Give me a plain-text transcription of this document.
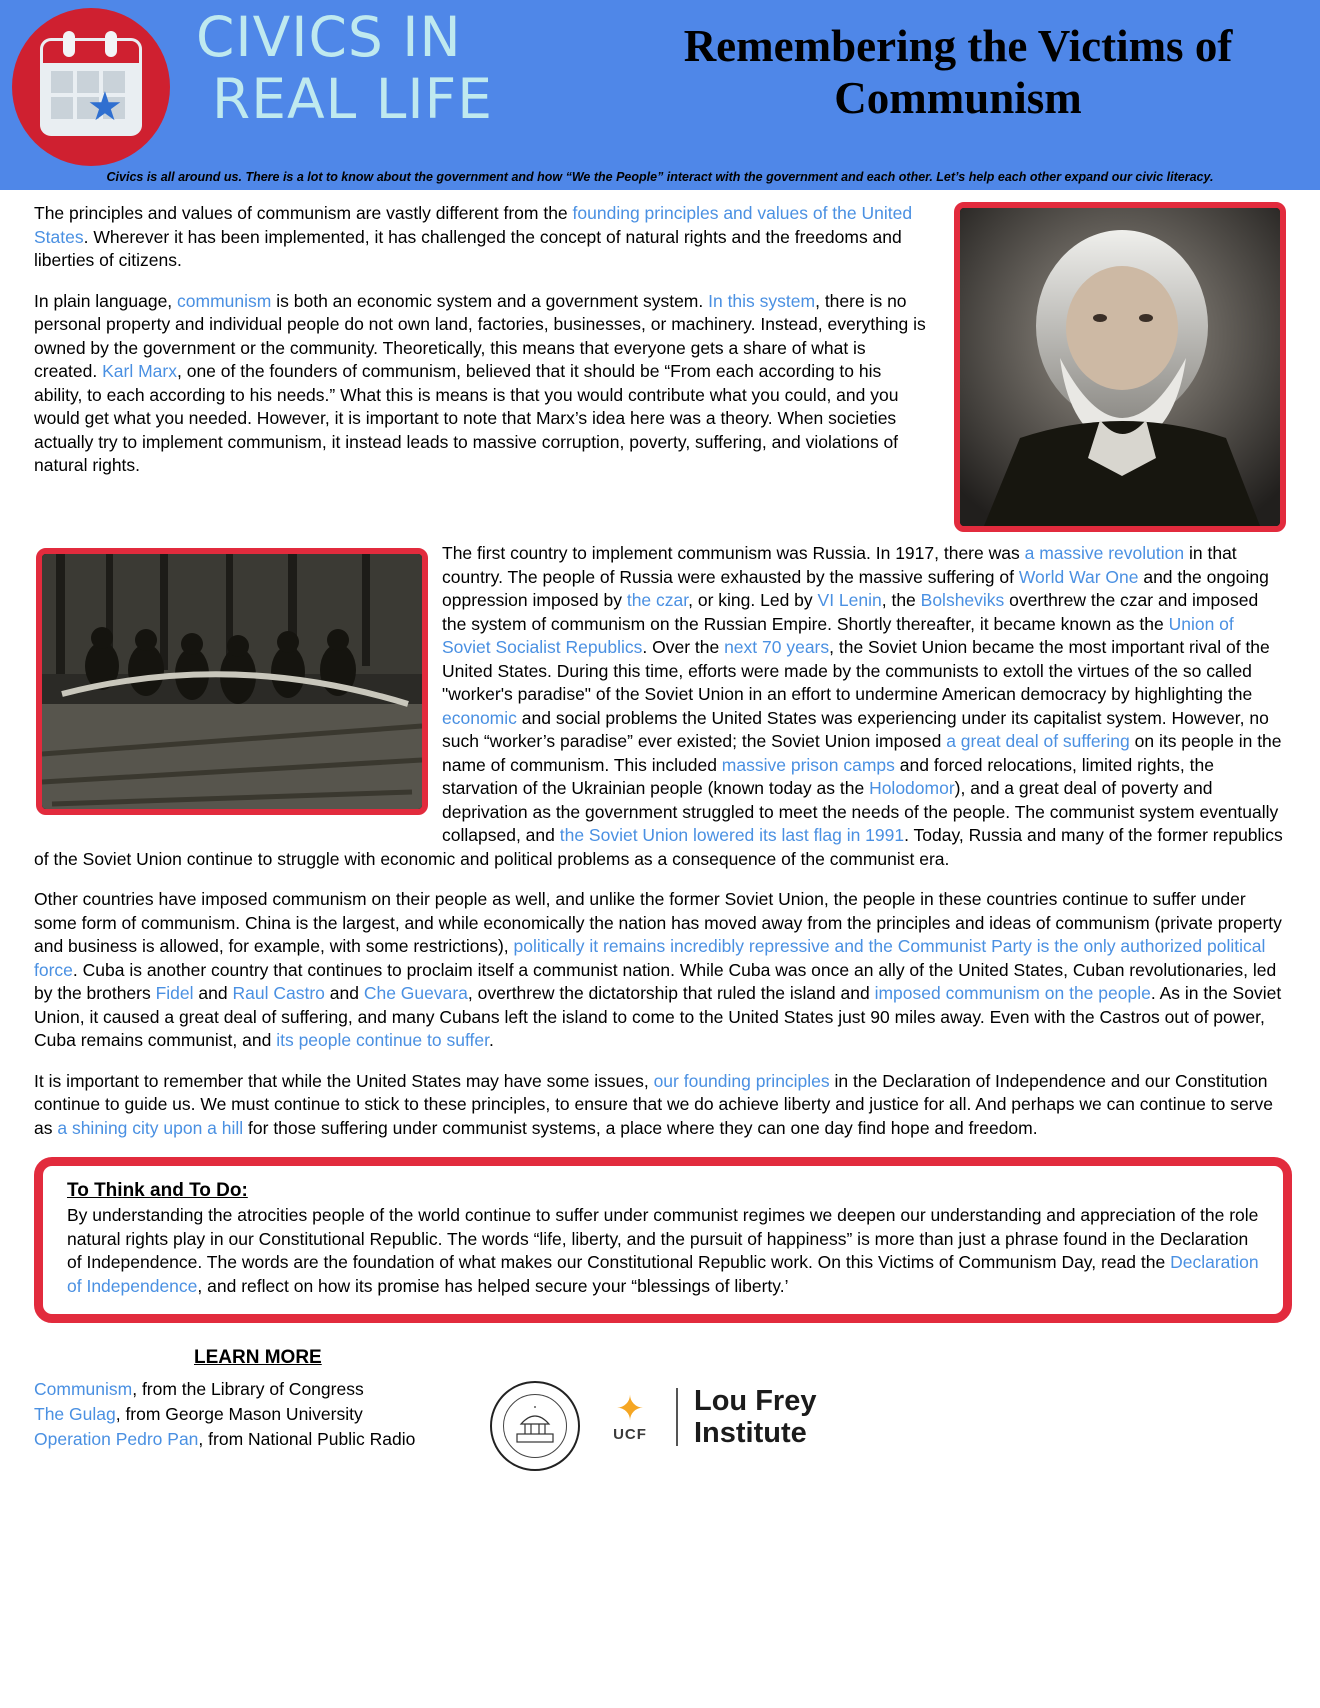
★
CIVICS IN
REAL LIFE
Remembering the Victims of Communism
Civics is all around us. There is a lot to know about the government and how “We the People” interact with the government and each other. Let’s help each other expand our civic literacy.

The principles and values of communism are vastly different from the founding principles and values of the United States. Wherever it has been implemented, it has challenged the concept of natural rights and the freedoms and liberties of citizens.

In plain language, communism is both an economic system and a government system. In this system, there is no personal property and individual people do not own land, factories, businesses, or machinery. Instead, everything is owned by the government or the community. Theoretically, this means that everyone gets a share of what is created. Karl Marx, one of the founders of communism, believed that it should be “From each according to his ability, to each according to his needs.” What this is means is that you would contribute what you could, and you would get what you needed. However, it is important to note that Marx’s idea here was a theory. When societies actually try to implement communism, it instead leads to massive corruption, poverty, suffering, and violations of natural rights.

The first country to implement communism was Russia. In 1917, there was a massive revolution in that country. The people of Russia were exhausted by the massive suffering of World War One and the ongoing oppression imposed by the czar, or king. Led by VI Lenin, the Bolsheviks overthrew the czar and imposed the system of communism on the Russian Empire. Shortly thereafter, it became known as the Union of Soviet Socialist Republics. Over the next 70 years, the Soviet Union became the most important rival of the United States. During this time, efforts were made by the communists to extoll the virtues of the so called "worker's paradise" of the Soviet Union in an effort to undermine American democracy by highlighting the economic and social problems the United States was experiencing under its capitalist system. However, no such “worker’s paradise” ever existed; the Soviet Union imposed a great deal of suffering on its people in the name of communism. This included massive prison camps and forced relocations, limited rights, the starvation of the Ukrainian people (known today as the Holodomor), and a great deal of poverty and deprivation as the government struggled to meet the needs of the people. The communist system eventually collapsed, and the Soviet Union lowered its last flag in 1991. Today, Russia and many of the former republics of the Soviet Union continue to struggle with economic and political problems as a consequence of the communist era.

Other countries have imposed communism on their people as well, and unlike the former Soviet Union, the people in these countries continue to suffer under some form of communism. China is the largest, and while economically the nation has moved away from the principles and ideas of communism (private property and business is allowed, for example, with some restrictions), politically it remains incredibly repressive and the Communist Party is the only authorized political force. Cuba is another country that continues to proclaim itself a communist nation. While Cuba was once an ally of the United States, Cuban revolutionaries, led by the brothers Fidel and Raul Castro and Che Guevara, overthrew the dictatorship that ruled the island and imposed communism on the people. As in the Soviet Union, it caused a great deal of suffering, and many Cubans left the island to come to the United States just 90 miles away. Even with the Castros out of power, Cuba remains communist, and its people continue to suffer.

It is important to remember that while the United States may have some issues, our founding principles in the Declaration of Independence and our Constitution continue to guide us. We must continue to stick to these principles, to ensure that we do achieve liberty and justice for all. And perhaps we can continue to serve as a shining city upon a hill for those suffering under communist systems, a place where they can one day find hope and freedom.

To Think and To Do:

By understanding the atrocities people of the world continue to suffer under communist regimes we deepen our understanding and appreciation of the role natural rights play in our Constitutional Republic. The words “life, liberty, and the pursuit of happiness” is more than just a phrase found in the Declaration of Independence. The words are the foundation of what makes our Constitutional Republic work. On this Victims of Communism Day, read the Declaration of Independence, and reflect on how its promise has helped secure your “blessings of liberty.’

LEARN MORE
Communism, from the Library of Congress
The Gulag, from George Mason University
Operation Pedro Pan, from National Public Radio
✦
UCF
Lou Frey
Institute
